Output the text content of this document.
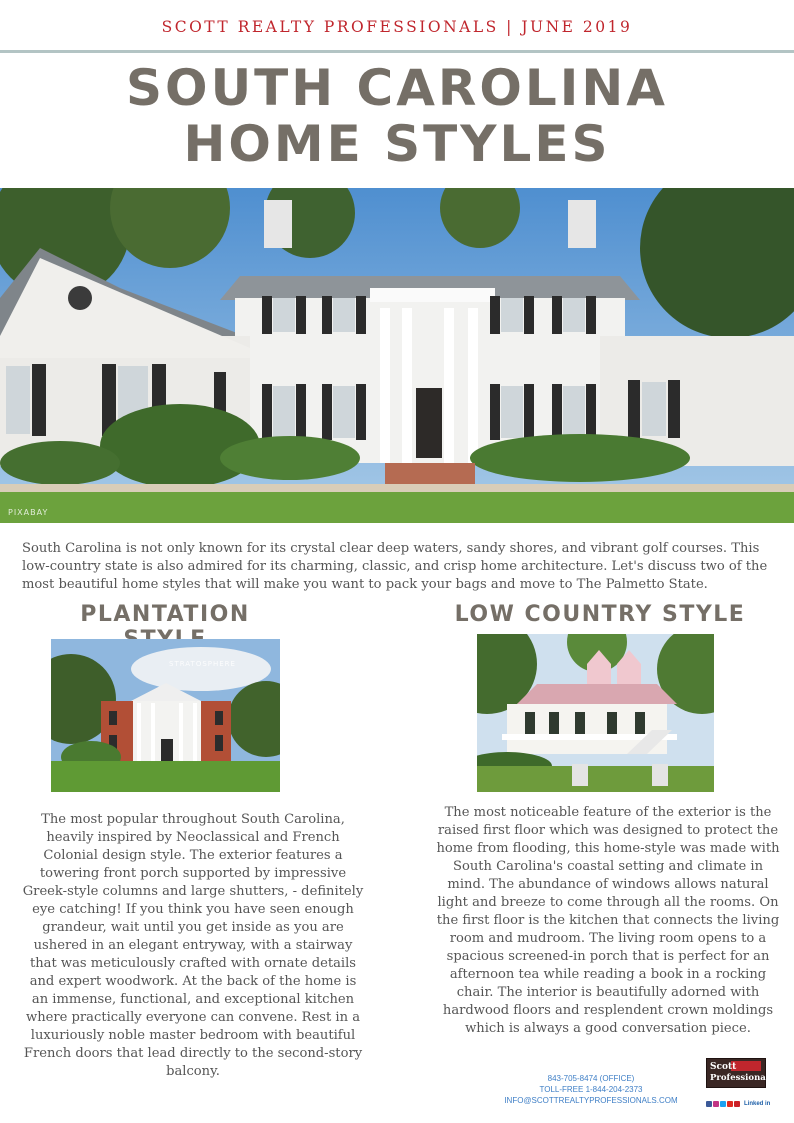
SCOTT REALTY PROFESSIONALS | JUNE 2019
SOUTH CAROLINA
HOME STYLES
PIXABAY

South Carolina is not only known for its crystal clear deep waters, sandy shores, and vibrant golf courses. This low-country state is also admired for its charming, classic, and crisp home architecture. Let's discuss two of the most beautiful home styles that will make you want to pack your bags and move to The Palmetto State.

PLANTATION	LOW COUNTRY STYLE
STRATOSPHERE

The most popular throughout South Carolina, heavily inspired by Neoclassical and French Colonial design style. The exterior features a towering front porch supported by impressive Greek-style columns and large shutters, - definitely eye catching! If you think you have seen enough grandeur, wait until you get inside as you are ushered in an elegant entryway, with a stairway that was meticulously crafted with ornate details and expert woodwork. At the back of the home is an immense, functional, and exceptional kitchen where practically everyone can convene. Rest in a luxuriously noble master bedroom with beautiful French doors that lead directly to the second-story balcony.

The most noticeable feature of the exterior is the raised first floor which was designed to protect the home from flooding, this home-style was made with South Carolina's coastal setting and climate in mind. The abundance of windows allows natural light and breeze to come through all the rooms. On the first floor is the kitchen that connects the living room and mudroom. The living room opens to a spacious screened-in porch that is perfect for an afternoon tea while reading a book in a rocking chair. The interior is beautifully adorned with hardwood floors and resplendent crown moldings which is always a good conversation piece.

843-705-8474 (OFFICE)
TOLL-FREE 1-844-204-2373
INFO@SCOTTREALTYPROFESSIONALS.COM
Scott
Professionals
Linked in
